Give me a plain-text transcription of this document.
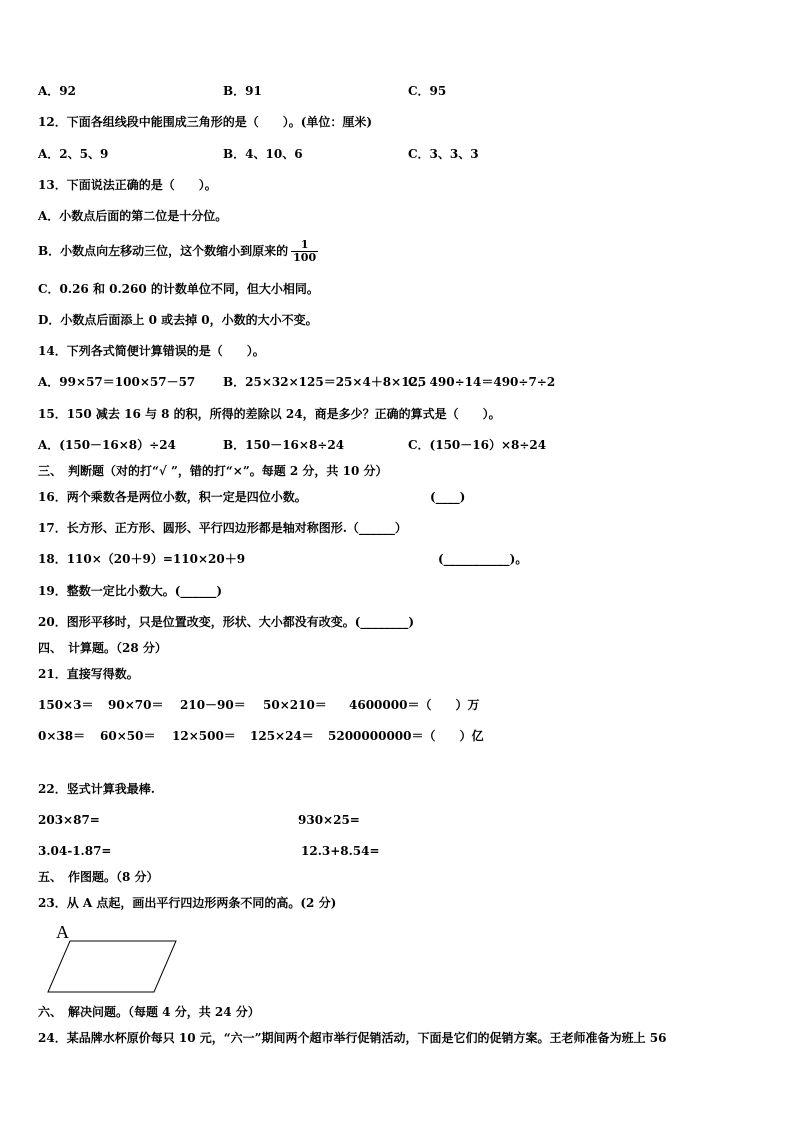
A．92	B．91	C．95
12．下面各组线段中能围成三角形的是（　　）。(单位：厘米)
A．2、5、9	B．4、10、6	C．3、3、3
13．下面说法正确的是（　　）。
A．小数点后面的第二位是十分位。
B．小数点向左移动三位，这个数缩小到原来的 $\frac{1}{100}$
C．0.26 和 0.260 的计数单位不同，但大小相同。
D．小数点后面添上 0 或去掉 0，小数的大小不变。
14．下列各式简便计算错误的是（　　）。
A．99×57＝100×57－57 B．25×32×125＝25×4＋8×125
C．490÷14＝490÷7÷2
15．150 减去 16 与 8 的积，所得的差除以 24，商是多少？正确的算式是（　　）。
A．(150－16×8）÷24	B．150－16×8÷24	C．(150－16）×8÷24
三、　判断题（对的打“√ ”，错的打“×”。每题 2 分，共 10 分）
16．两个乘数各是两位小数，积一定是四位小数。	(____)
17．长方形、正方形、圆形、平行四边形都是轴对称图形.（______）
18．110×（20＋9）=110×20＋9	(___________)。
19．整数一定比小数大。(______)
20．图形平移时，只是位置改变，形状、大小都没有改变。(________)
四、　计算题。（28 分）
21．直接写得数。
150×3＝ 90×70＝ 210－90＝ 50×210＝ 4600000＝（　　）万
0×38＝ 60×50＝ 12×500＝ 125×24＝ 5200000000＝（　　）亿
22．竖式计算我最棒.
203×87=	930×25=
3.04-1.87=	12.3+8.54=
五、　作图题。（8 分）
23．从 A 点起，画出平行四边形两条不同的高。(2 分)
A
六、　解决问题。（每题 4 分，共 24 分）
24．某品牌水杯原价每只 10 元，“六一”期间两个超市举行促销活动，下面是它们的促销方案。王老师准备为班上 56
